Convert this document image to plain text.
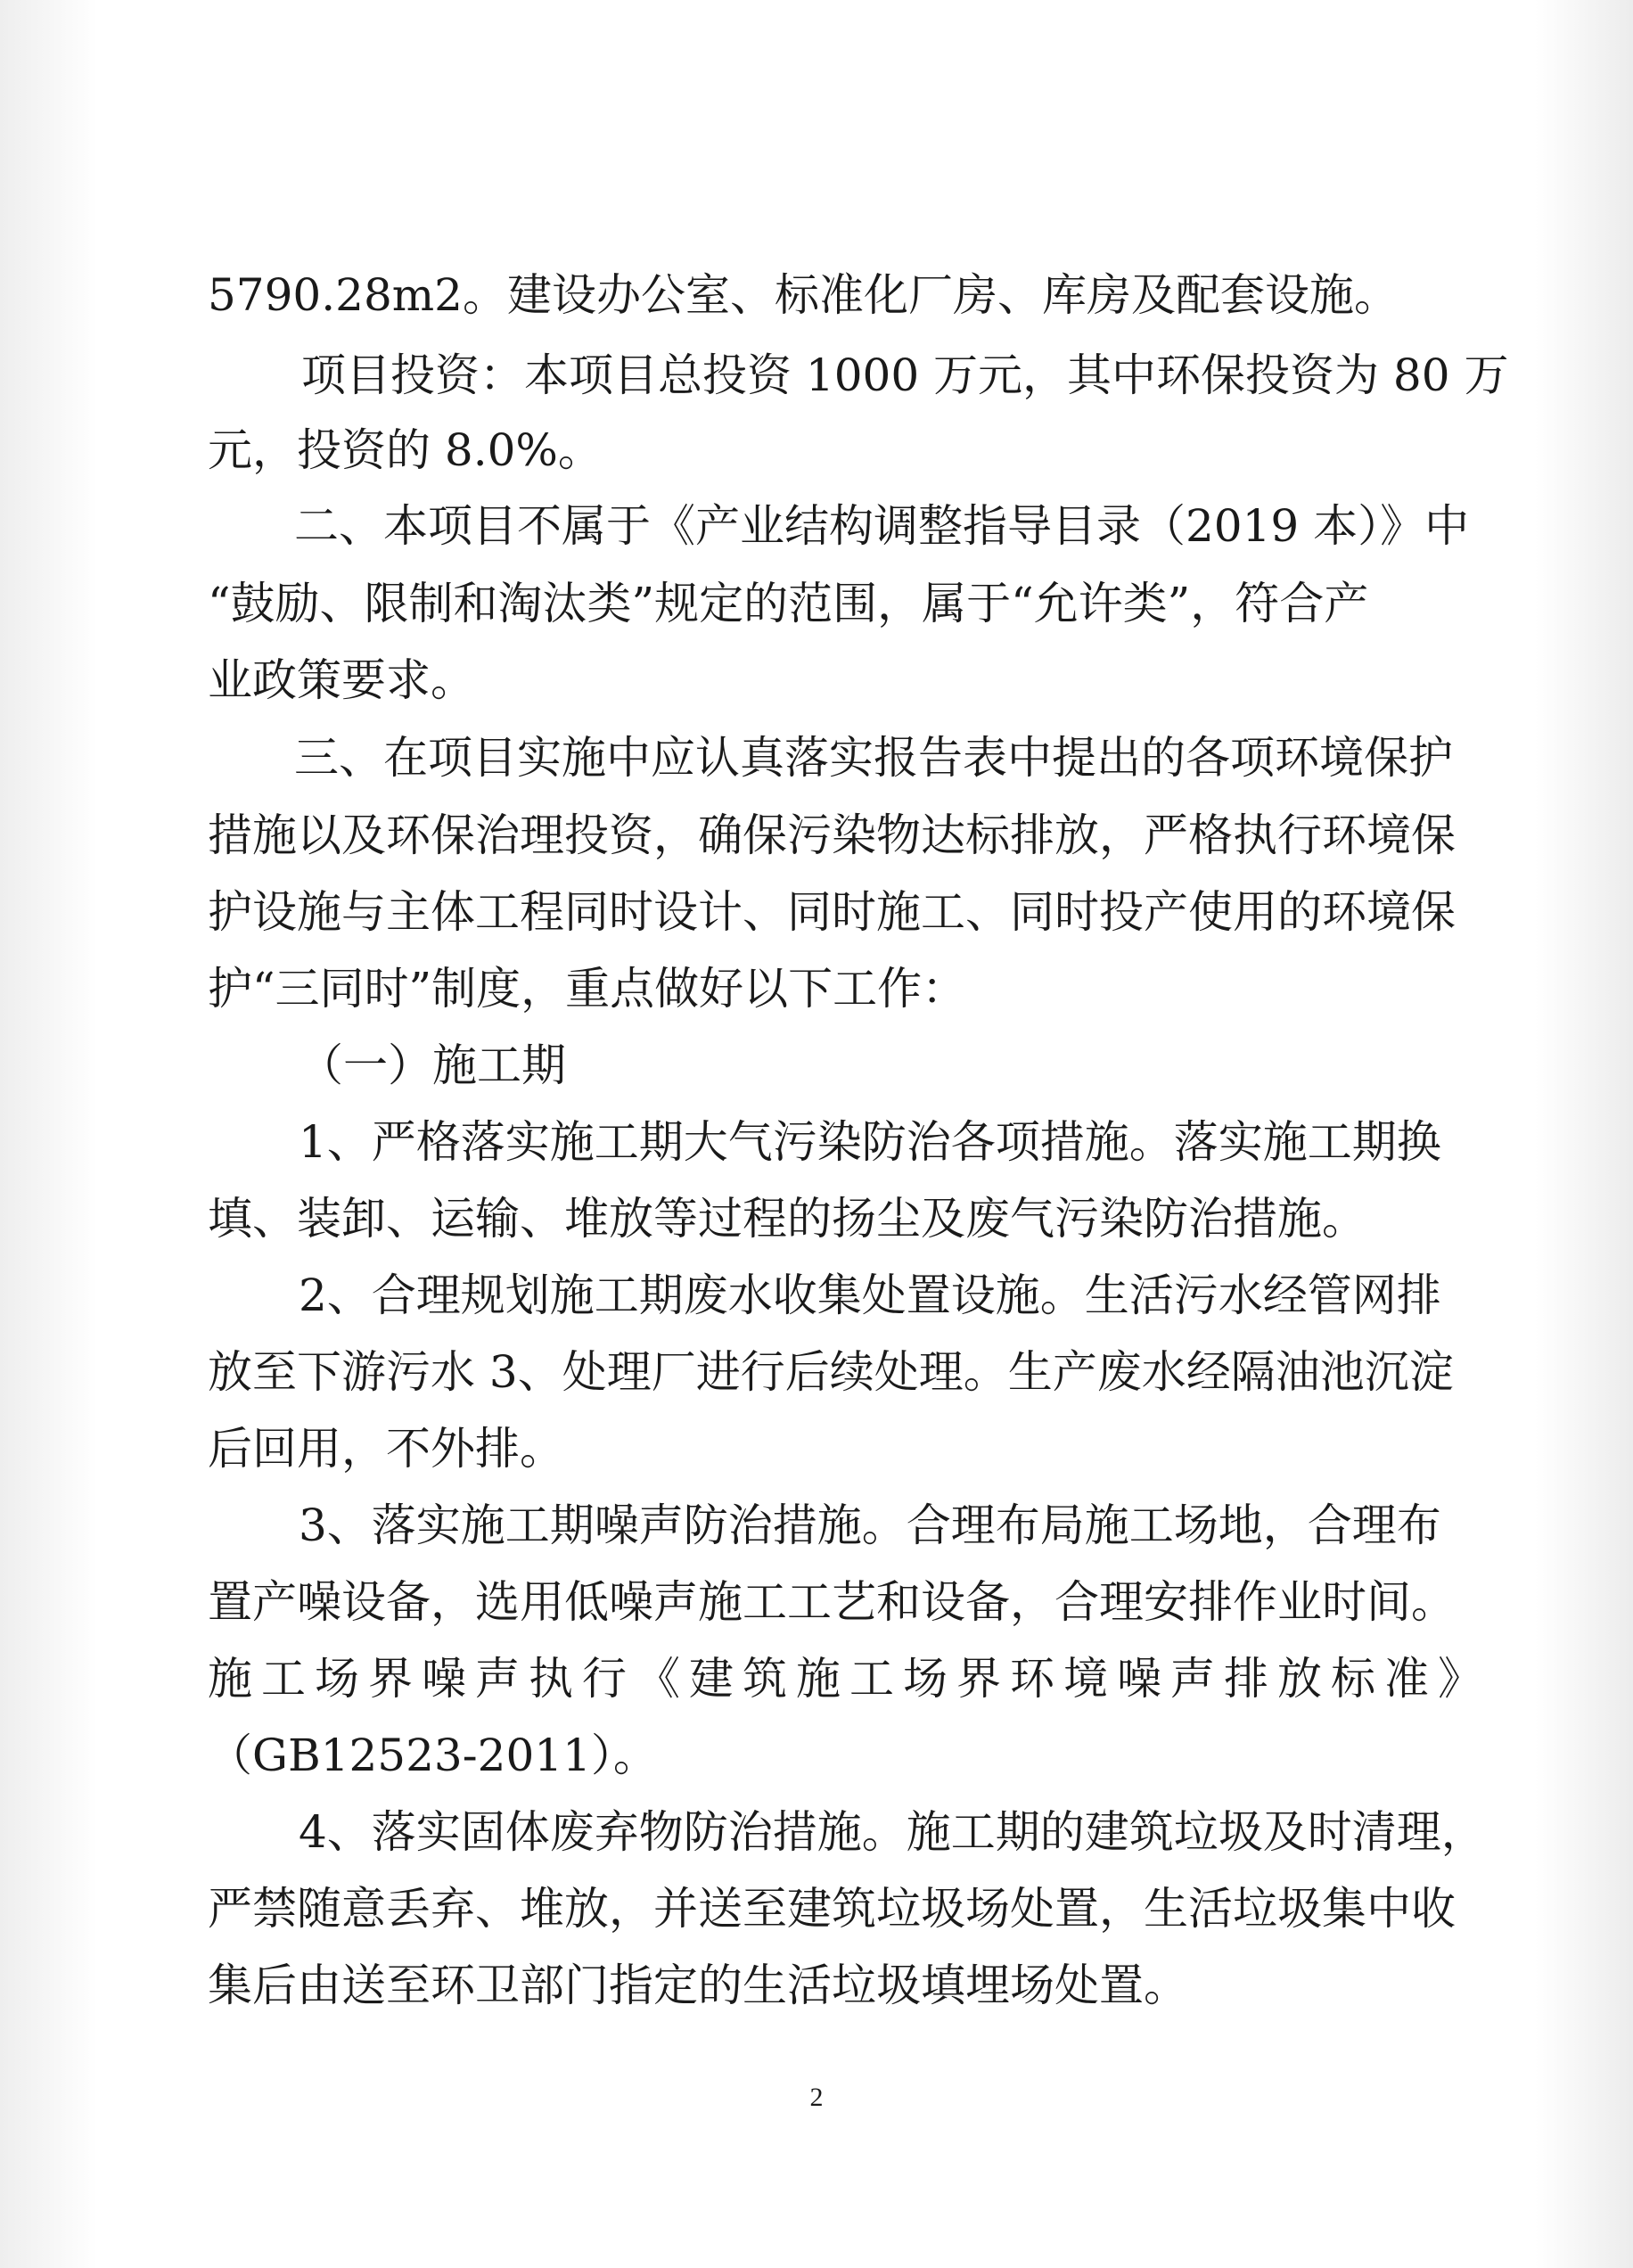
5790.28m2。建设办公室、标准化厂房、库房及配套设施。
项目投资：本项目总投资 1000 万元，其中环保投资为 80 万
元，投资的 8.0%。
二、本项目不属于《产业结构调整指导目录（2019 本）》中
“鼓励、限制和淘汰类”规定的范围，属于“允许类”，符合产
业政策要求。
三、在项目实施中应认真落实报告表中提出的各项环境保护
措施以及环保治理投资，确保污染物达标排放，严格执行环境保
护设施与主体工程同时设计、同时施工、同时投产使用的环境保
护“三同时”制度，重点做好以下工作：
（一）施工期
1、严格落实施工期大气污染防治各项措施。落实施工期换
填、装卸、运输、堆放等过程的扬尘及废气污染防治措施。
2、合理规划施工期废水收集处置设施。生活污水经管网排
放至下游污水 3、处理厂进行后续处理。生产废水经隔油池沉淀
后回用，不外排。
3、落实施工期噪声防治措施。合理布局施工场地，合理布
置产噪设备，选用低噪声施工工艺和设备，合理安排作业时间。
施工场界噪声执行《建筑施工场界环境噪声排放标准》
（GB12523-2011）。
4、落实固体废弃物防治措施。施工期的建筑垃圾及时清理，
严禁随意丢弃、堆放，并送至建筑垃圾场处置，生活垃圾集中收
集后由送至环卫部门指定的生活垃圾填埋场处置。
2
